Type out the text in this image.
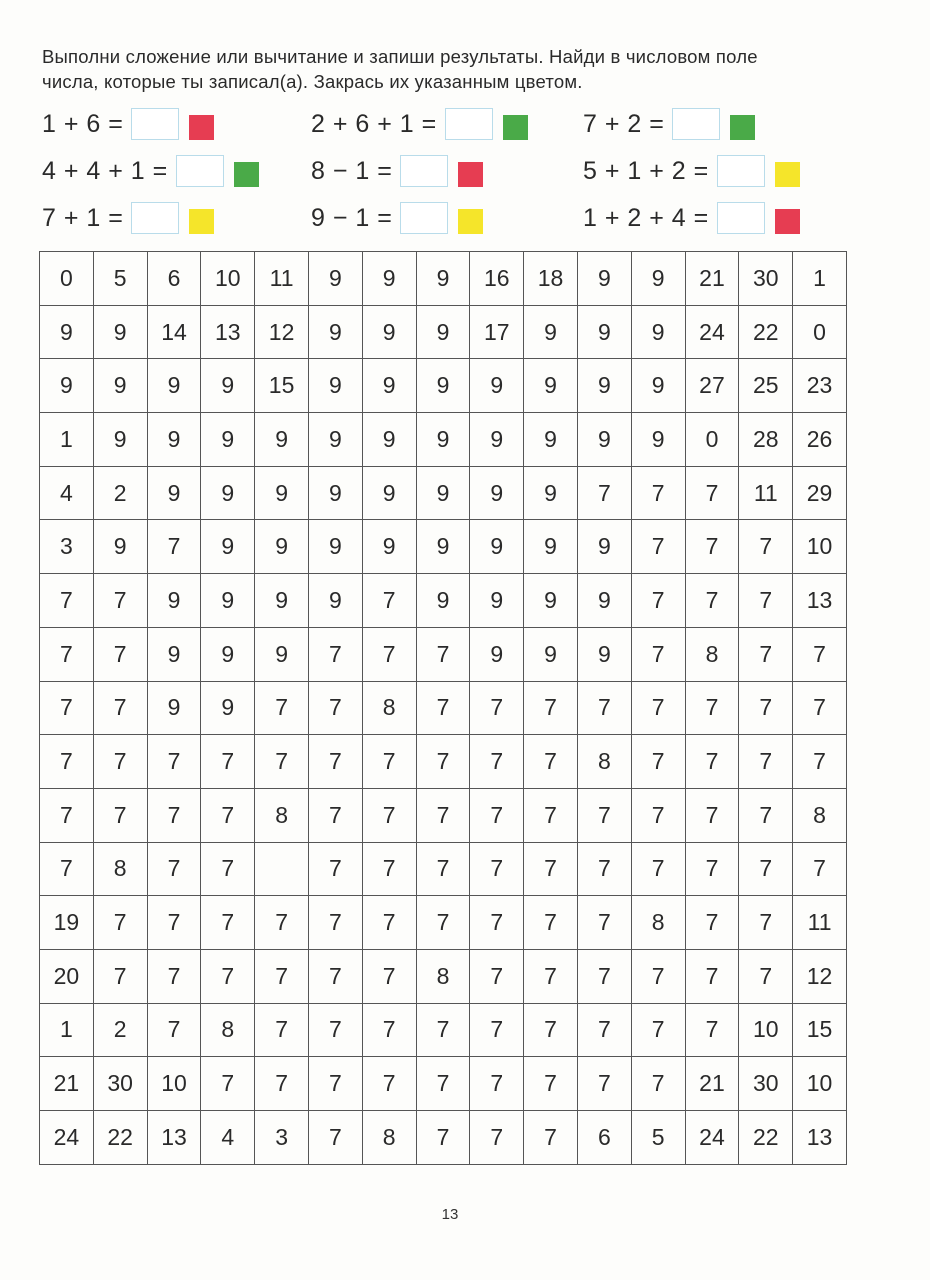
Выполни сложение или вычитание и запиши результаты. Найди в числовом поле
числа, которые ты записал(а). Закрась их указанным цветом.
1 + 6 =	2 + 6 + 1 =	7 + 2 =
4 + 4 + 1 =	8 − 1 =	5 + 1 + 2 =
7 + 1 =	9 − 1 =	1 + 2 + 4 =
0	5	6	10	11	9	9	9	16	18	9	9	21	30	1
9	9	14	13	12	9	9	9	17	9	9	9	24	22	0
9	9	9	9	15	9	9	9	9	9	9	9	27	25	23
1	9	9	9	9	9	9	9	9	9	9	9	0	28	26
4	2	9	9	9	9	9	9	9	9	7	7	7	11	29
3	9	7	9	9	9	9	9	9	9	9	7	7	7	10
7	7	9	9	9	9	7	9	9	9	9	7	7	7	13
7	7	9	9	9	7	7	7	9	9	9	7	8	7	7
7	7	9	9	7	7	8	7	7	7	7	7	7	7	7
7	7	7	7	7	7	7	7	7	7	8	7	7	7	7
7	7	7	7	8	7	7	7	7	7	7	7	7	7	8
7	8	7	7		7	7	7	7	7	7	7	7	7	7
19	7	7	7	7	7	7	7	7	7	7	8	7	7	11
20	7	7	7	7	7	7	8	7	7	7	7	7	7	12
1	2	7	8	7	7	7	7	7	7	7	7	7	10	15
21	30	10	7	7	7	7	7	7	7	7	7	21	30	10
24	22	13	4	3	7	8	7	7	7	6	5	24	22	13
13
